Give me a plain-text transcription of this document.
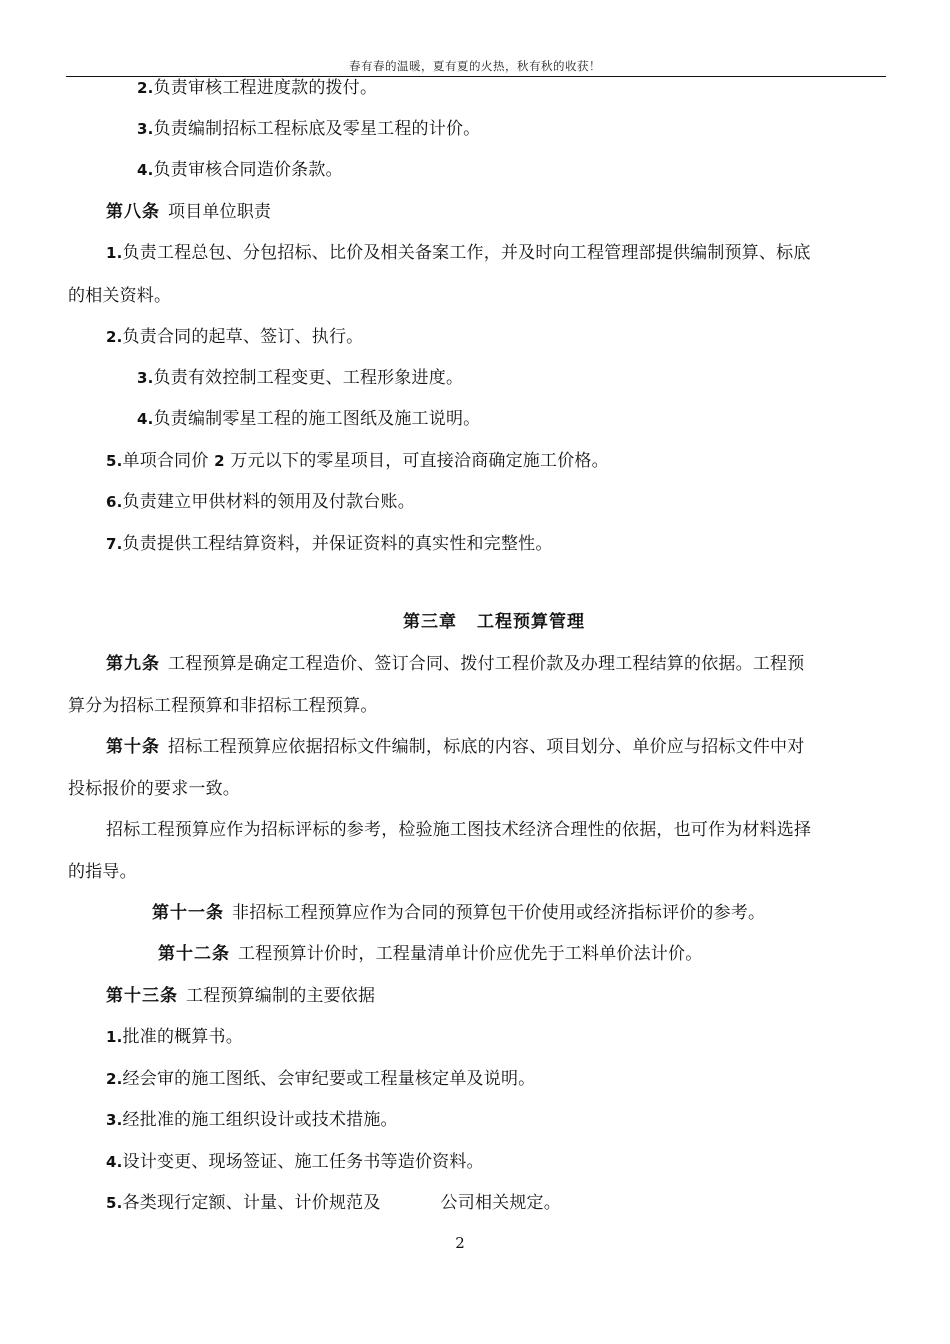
春有春的温暖，夏有夏的火热，秋有秋的收获！
2.负责审核工程进度款的拨付。
3.负责编制招标工程标底及零星工程的计价。
4.负责审核合同造价条款。
第八条 项目单位职责
1.负责工程总包、分包招标、比价及相关备案工作，并及时向工程管理部提供编制预算、标底
的相关资料。
2.负责合同的起草、签订、执行。
3.负责有效控制工程变更、工程形象进度。
4.负责编制零星工程的施工图纸及施工说明。
5.单项合同价 2 万元以下的零星项目，可直接洽商确定施工价格。
6.负责建立甲供材料的领用及付款台账。
7.负责提供工程结算资料，并保证资料的真实性和完整性。
第三章 工程预算管理
第九条 工程预算是确定工程造价、签订合同、拨付工程价款及办理工程结算的依据。工程预
算分为招标工程预算和非招标工程预算。
第十条 招标工程预算应依据招标文件编制，标底的内容、项目划分、单价应与招标文件中对
投标报价的要求一致。
招标工程预算应作为招标评标的参考，检验施工图技术经济合理性的依据，也可作为材料选择
的指导。
第十一条 非招标工程预算应作为合同的预算包干价使用或经济指标评价的参考。
第十二条 工程预算计价时，工程量清单计价应优先于工料单价法计价。
第十三条 工程预算编制的主要依据
1.批准的概算书。
2.经会审的施工图纸、会审纪要或工程量核定单及说明。
3.经批准的施工组织设计或技术措施。
4.设计变更、现场签证、施工任务书等造价资料。
5.各类现行定额、计量、计价规范及	公司相关规定。
2
